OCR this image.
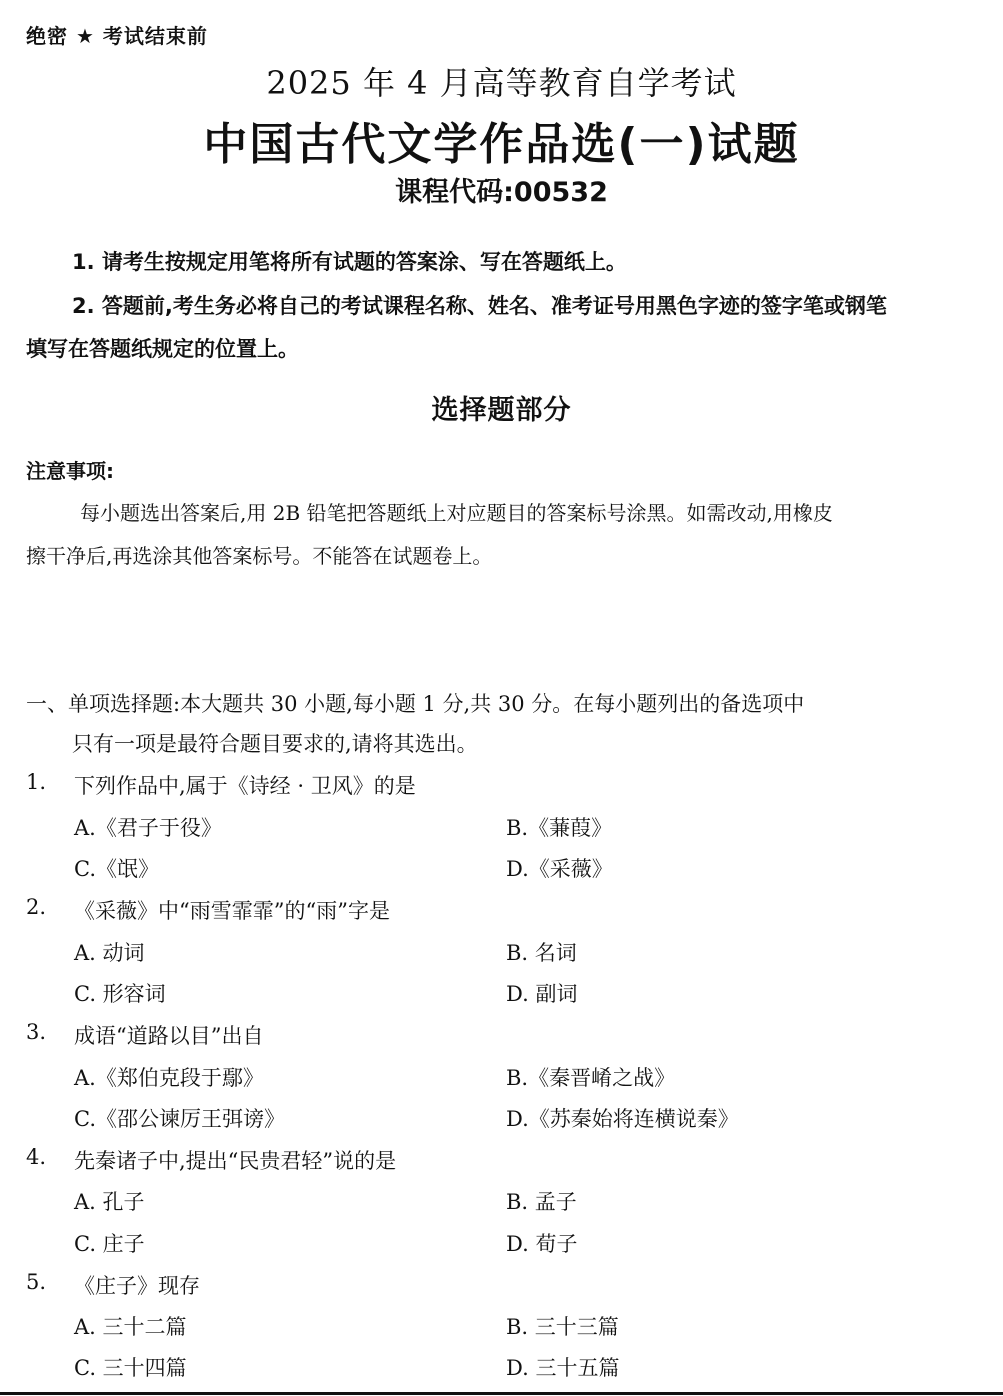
绝密 ★ 考试结束前
2025 年 4 月高等教育自学考试
中国古代文学作品选(一)试题
课程代码:00532
1. 请考生按规定用笔将所有试题的答案涂、写在答题纸上。
2. 答题前,考生务必将自己的考试课程名称、姓名、准考证号用黑色字迹的签字笔或钢笔
填写在答题纸规定的位置上。
选择题部分
注意事项:
每小题选出答案后,用 2B 铅笔把答题纸上对应题目的答案标号涂黑。如需改动,用橡皮
擦干净后,再选涂其他答案标号。不能答在试题卷上。
一、单项选择题:本大题共 30 小题,每小题 1 分,共 30 分。在每小题列出的备选项中
只有一项是最符合题目要求的,请将其选出。
1. 下列作品中,属于《诗经 · 卫风》的是
A.《君子于役》	B.《蒹葭》
C.《氓》	D.《采薇》
2. 《采薇》中“雨雪霏霏”的“雨”字是
A. 动词	B. 名词
C. 形容词	D. 副词
3. 成语“道路以目”出自
A.《郑伯克段于鄢》	B.《秦晋崤之战》
C.《邵公谏厉王弭谤》	D.《苏秦始将连横说秦》
4. 先秦诸子中,提出“民贵君轻”说的是
A. 孔子	B. 孟子
C. 庄子	D. 荀子
5. 《庄子》现存
A. 三十二篇	B. 三十三篇
C. 三十四篇	D. 三十五篇
